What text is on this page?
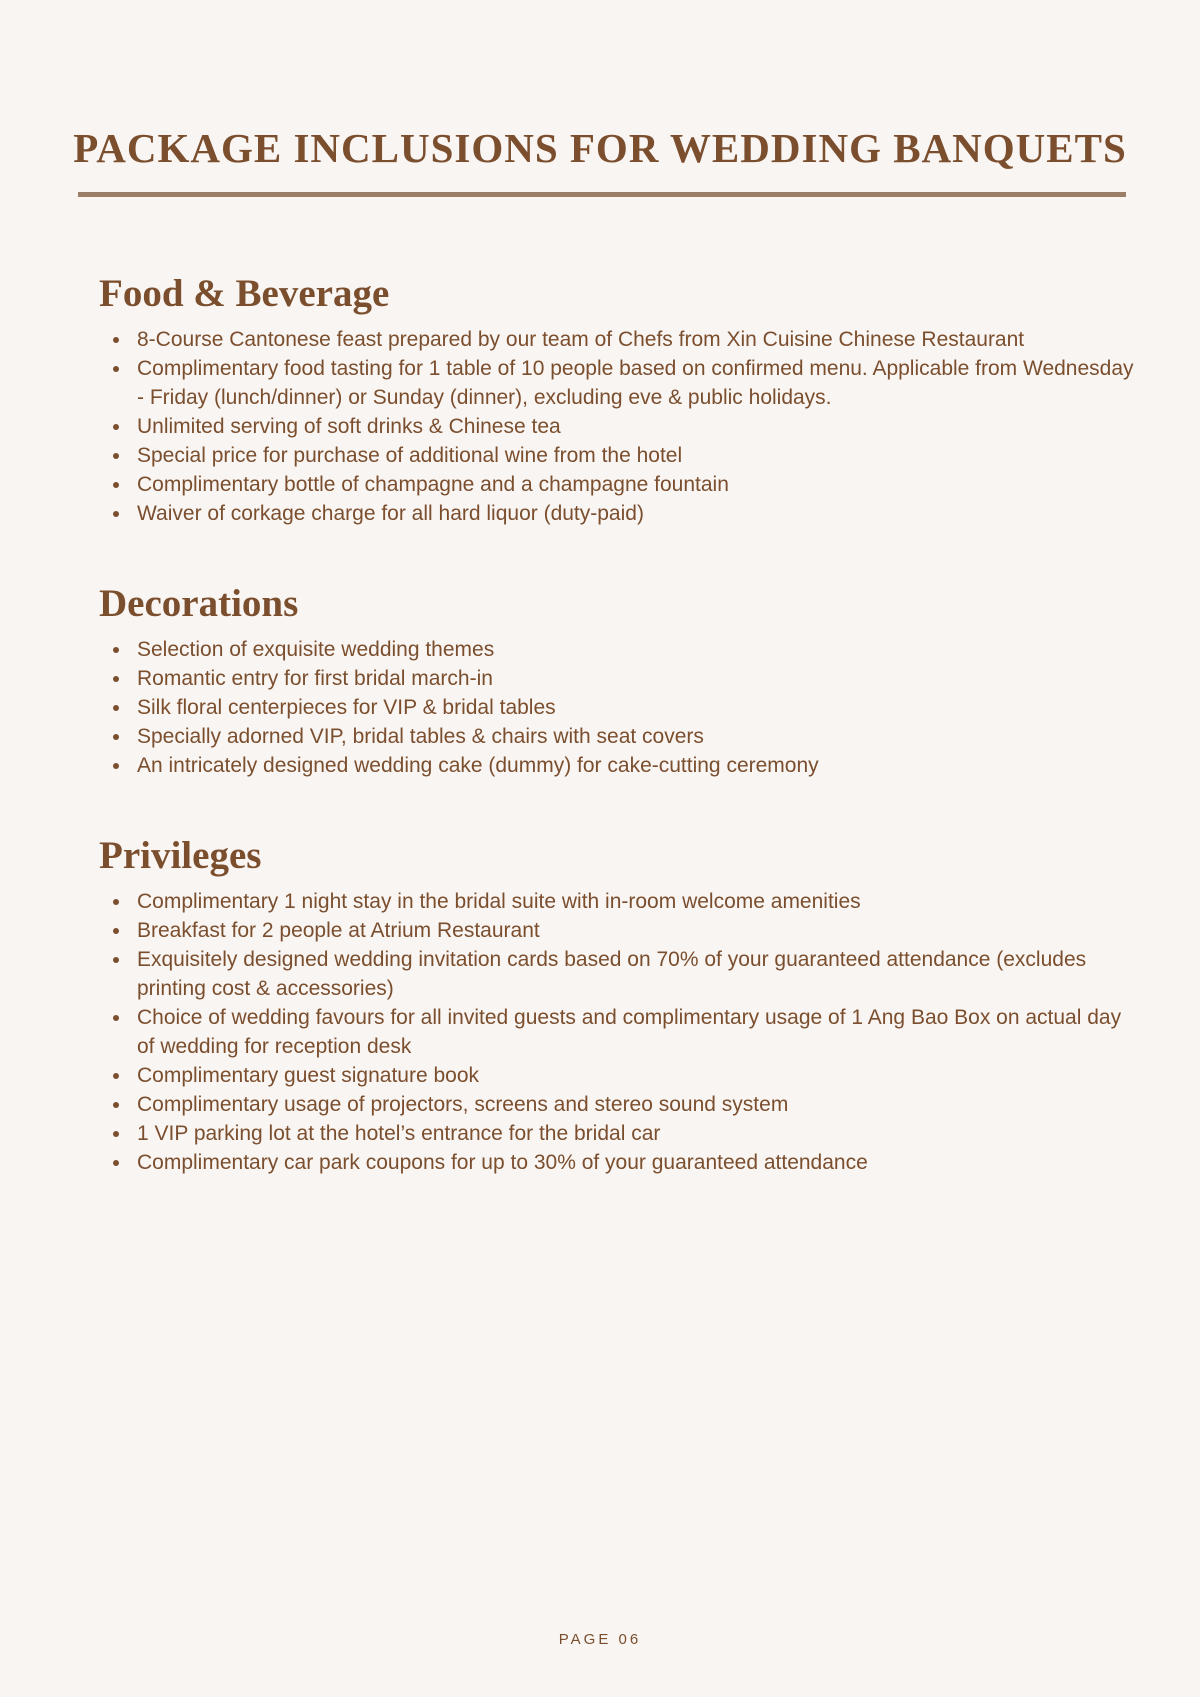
PACKAGE INCLUSIONS FOR WEDDING BANQUETS
Food & Beverage
8-Course Cantonese feast prepared by our team of Chefs from Xin Cuisine Chinese Restaurant
Complimentary food tasting for 1 table of 10 people based on confirmed menu. Applicable from Wednesday - Friday (lunch/dinner) or Sunday (dinner), excluding eve & public holidays.
Unlimited serving of soft drinks & Chinese tea
Special price for purchase of additional wine from the hotel
Complimentary bottle of champagne and a champagne fountain
Waiver of corkage charge for all hard liquor (duty-paid)
Decorations
Selection of exquisite wedding themes
Romantic entry for first bridal march-in
Silk floral centerpieces for VIP & bridal tables
Specially adorned VIP, bridal tables & chairs with seat covers
An intricately designed wedding cake (dummy) for cake-cutting ceremony
Privileges
Complimentary 1 night stay in the bridal suite with in-room welcome amenities
Breakfast for 2 people at Atrium Restaurant
Exquisitely designed wedding invitation cards based on 70% of your guaranteed attendance (excludes printing cost & accessories)
Choice of wedding favours for all invited guests and complimentary usage of 1 Ang Bao Box on actual day of wedding for reception desk
Complimentary guest signature book
Complimentary usage of projectors, screens and stereo sound system
1 VIP parking lot at the hotel’s entrance for the bridal car
Complimentary car park coupons for up to 30% of your guaranteed attendance
PAGE 06
